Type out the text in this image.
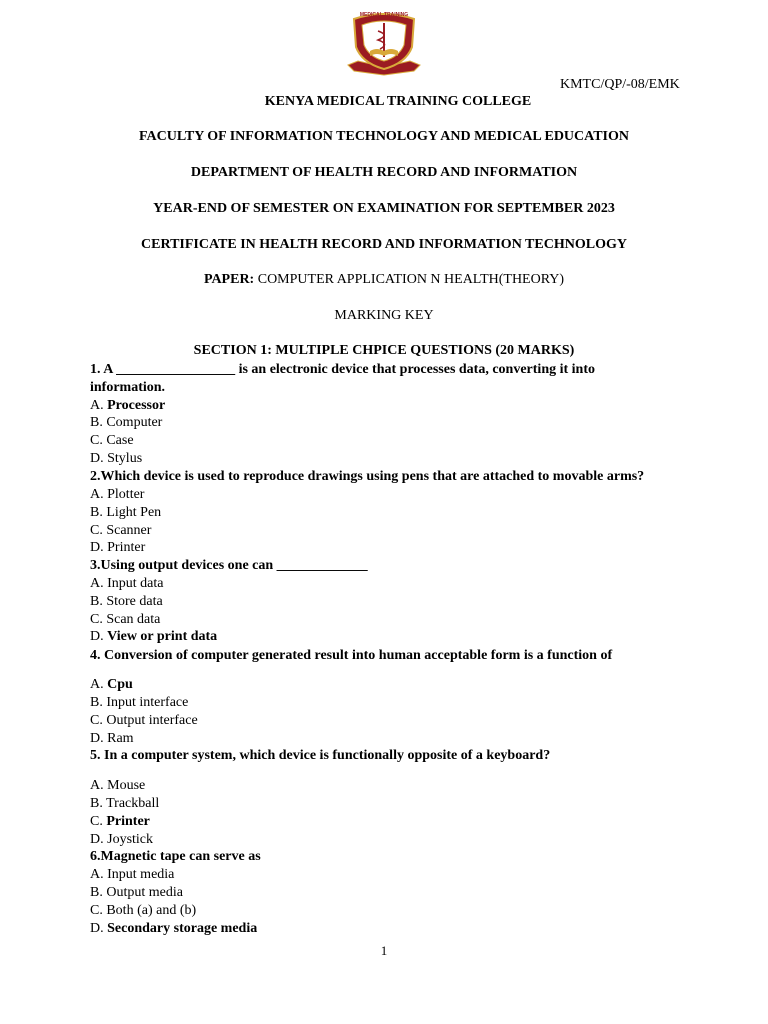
MEDICAL TRAINING

KMTC/QP/-08/EMK

KENYA MEDICAL TRAINING COLLEGE

FACULTY OF INFORMATION TECHNOLOGY AND MEDICAL EDUCATION

DEPARTMENT OF HEALTH RECORD AND INFORMATION

YEAR-END OF SEMESTER ON EXAMINATION FOR SEPTEMBER 2023

CERTIFICATE IN HEALTH RECORD AND INFORMATION TECHNOLOGY

PAPER: COMPUTER APPLICATION N HEALTH(THEORY)

MARKING KEY

SECTION 1: MULTIPLE CHPICE QUESTIONS (20 MARKS)

1. A _________________ is an electronic device that processes data, converting it into

information.

A. Processor

B. Computer

C. Case

D. Stylus

2.Which device is used to reproduce drawings using pens that are attached to movable arms?

A. Plotter

B. Light Pen

C. Scanner

D. Printer

3.Using output devices one can _____________

A. Input data

B. Store data

C. Scan data

D. View or print data

4. Conversion of computer generated result into human acceptable form is a function of

A. Cpu

B. Input interface

C. Output interface

D. Ram

5. In a computer system, which device is functionally opposite of a keyboard?

A. Mouse

B. Trackball

C. Printer

D. Joystick

6.Magnetic tape can serve as

A. Input media

B. Output media

C. Both (a) and (b)

D. Secondary storage media

1
